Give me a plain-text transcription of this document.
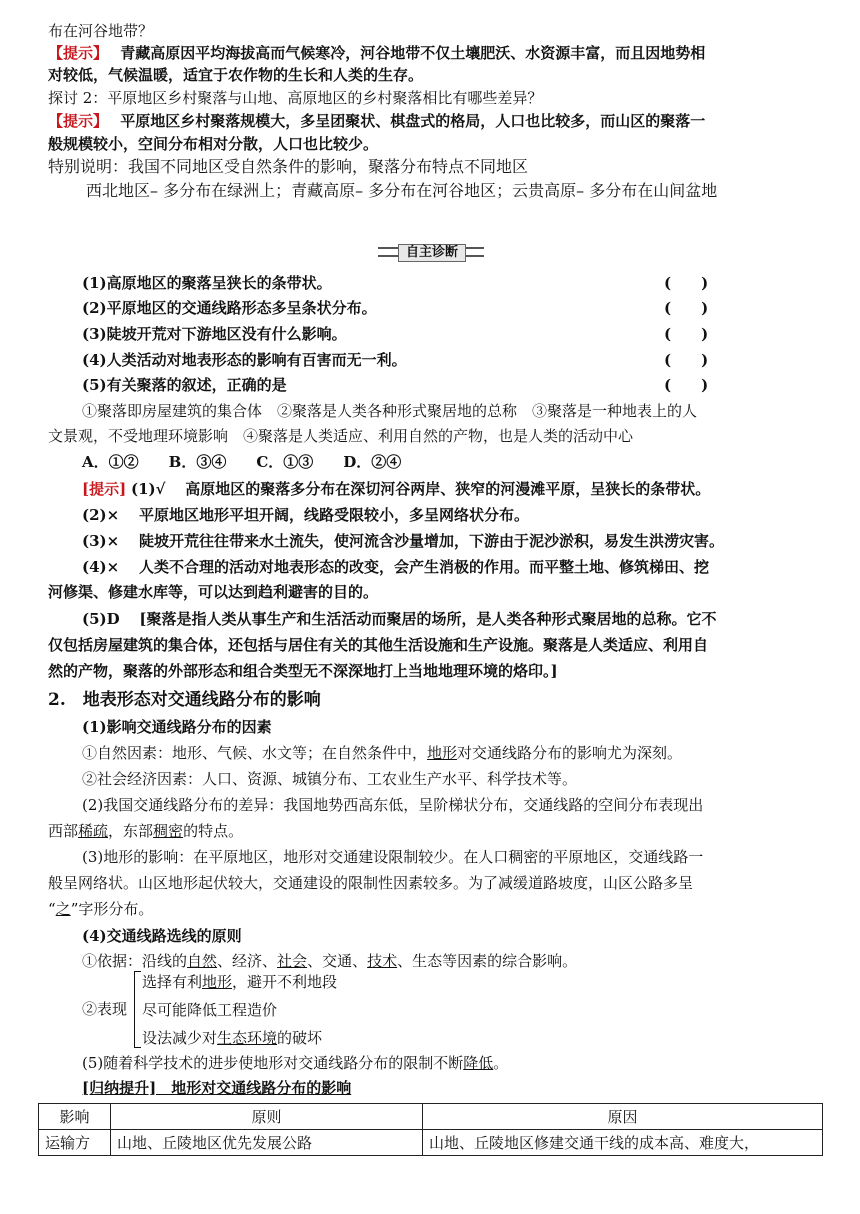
布在河谷地带？
【提示】　 青藏高原因平均海拔高而气候寒冷，河谷地带不仅土壤肥沃、水资源丰富，而且因地势相
对较低，气候温暖，适宜于农作物的生长和人类的生存。
探讨 2：平原地区乡村聚落与山地、高原地区的乡村聚落相比有哪些差异？
【提示】　 平原地区乡村聚落规模大，多呈团聚状、棋盘式的格局，人口也比较多，而山区的聚落一
般规模较小，空间分布相对分散，人口也比较少。
特别说明：我国不同地区受自然条件的影响，聚落分布特点不同地区
西北地区– 多分布在绿洲上；青藏高原– 多分布在河谷地区；云贵高原– 多分布在山间盆地
自主诊断
(1)高原地区的聚落呈狭长的条带状。	(　　)
(2)平原地区的交通线路形态多呈条状分布。	(　　)
(3)陡坡开荒对下游地区没有什么影响。	(　　)
(4)人类活动对地表形态的影响有百害而无一利。	(　　)
(5)有关聚落的叙述，正确的是	(　　)
①聚落即房屋建筑的集合体　②聚落是人类各种形式聚居地的总称　③聚落是一种地表上的人
文景观，不受地理环境影响　④聚落是人类适应、利用自然的产物，也是人类的活动中心
A．①②　　B．③④　　C．①③　　D．②④
[提示] (1)√　 高原地区的聚落多分布在深切河谷两岸、狭窄的河漫滩平原，呈狭长的条带状。
(2)×　 平原地区地形平坦开阔，线路受限较小，多呈网络状分布。
(3)×　 陡坡开荒往往带来水土流失，使河流含沙量增加，下游由于泥沙淤积，易发生洪涝灾害。
(4)×　 人类不合理的活动对地表形态的改变，会产生消极的作用。而平整土地、修筑梯田、挖
河修渠、修建水库等，可以达到趋利避害的目的。
(5)D　 [聚落是指人类从事生产和生活活动而聚居的场所，是人类各种形式聚居地的总称。它不
仅包括房屋建筑的集合体，还包括与居住有关的其他生活设施和生产设施。聚落是人类适应、利用自
然的产物，聚落的外部形态和组合类型无不深深地打上当地地理环境的烙印。]
2.　地表形态对交通线路分布的影响
(1)影响交通线路分布的因素
①自然因素：地形、气候、水文等；在自然条件中，地形对交通线路分布的影响尤为深刻。
②社会经济因素：人口、资源、城镇分布、工农业生产水平、科学技术等。
(2)我国交通线路分布的差异：我国地势西高东低，呈阶梯状分布，交通线路的空间分布表现出
西部稀疏，东部稠密的特点。
(3)地形的影响：在平原地区，地形对交通建设限制较少。在人口稠密的平原地区，交通线路一
般呈网络状。山区地形起伏较大，交通建设的限制性因素较多。为了减缓道路坡度，山区公路多呈
“之”字形分布。
(4)交通线路选线的原则
①依据：沿线的自然、经济、社会、交通、技术、生态等因素的综合影响。
②表现
选择有利地形，避开不利地段
尽可能降低工程造价
设法减少对生态环境的破坏
(5)随着科学技术的进步使地形对交通线路分布的限制不断降低。
[归纳提升]　地形对交通线路分布的影响
影响	原则	原因
运输方	山地、丘陵地区优先发展公路	山地、丘陵地区修建交通干线的成本高、难度大，
